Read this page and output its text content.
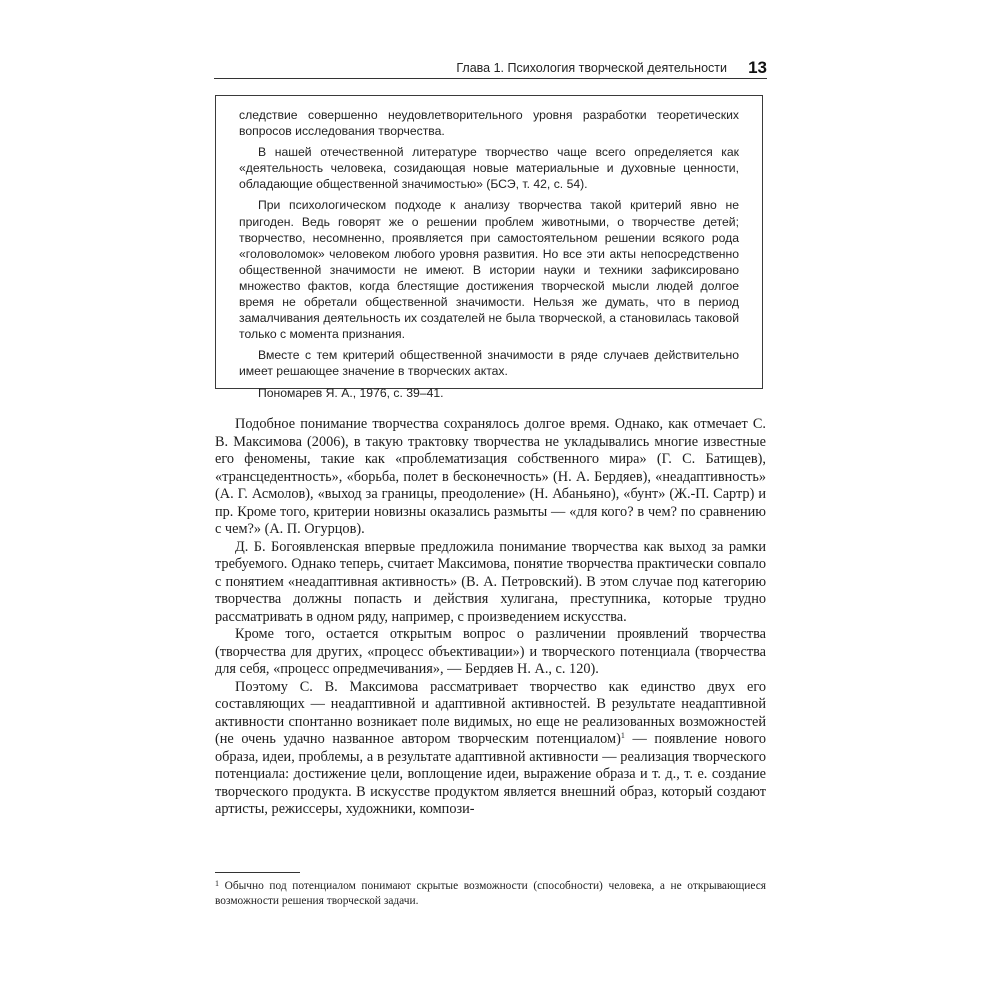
Глава 1. Психология творческой деятельности 13

следствие совершенно неудовлетворительного уровня разработки теоретических вопросов исследования творчества.

В нашей отечественной литературе творчество чаще всего определяется как «деятельность человека, созидающая новые материальные и духовные ценности, обладающие общественной значимостью» (БСЭ, т. 42, с. 54).

При психологическом подходе к анализу творчества такой критерий явно не пригоден. Ведь говорят же о решении проблем животными, о творчестве детей; творчество, несомненно, проявляется при самостоятельном решении всякого рода «головоломок» человеком любого уровня развития. Но все эти акты непосредственно общественной значимости не имеют. В истории науки и техники зафиксировано множество фактов, когда блестящие достижения творческой мысли людей долгое время не обретали общественной значимости. Нельзя же думать, что в период замалчивания деятельность их создателей не была творческой, а становилась таковой только с момента признания.

Вместе с тем критерий общественной значимости в ряде случаев действительно имеет решающее значение в творческих актах.

Пономарев Я. А., 1976, с. 39–41.

Подобное понимание творчества сохранялось долгое время. Однако, как отмечает С. В. Максимова (2006), в такую трактовку творчества не укладывались многие известные его феномены, такие как «проблематизация собственного мира» (Г. С. Батищев), «трансцедентность», «борьба, полет в бесконечность» (Н. А. Бердяев), «неадаптивность» (А. Г. Асмолов), «выход за границы, преодоление» (Н. Абаньяно), «бунт» (Ж.-П. Сартр) и пр. Кроме того, критерии новизны оказались размыты — «для кого? в чем? по сравнению с чем?» (А. П. Огурцов).

Д. Б. Богоявленская впервые предложила понимание творчества как выход за рамки требуемого. Однако теперь, считает Максимова, понятие творчества практически совпало с понятием «неадаптивная активность» (В. А. Петровский). В этом случае под категорию творчества должны попасть и действия хулигана, преступника, которые трудно рассматривать в одном ряду, например, с произведением искусства.

Кроме того, остается открытым вопрос о различении проявлений творчества (творчества для других, «процесс объективации») и творческого потенциала (творчества для себя, «процесс опредмечивания», — Бердяев Н. А., с. 120).

Поэтому С. В. Максимова рассматривает творчество как единство двух его составляющих — неадаптивной и адаптивной активностей. В результате неадаптивной активности спонтанно возникает поле видимых, но еще не реализованных возможностей (не очень удачно названное автором творческим потенциалом)$^1$ — появление нового образа, идеи, проблемы, а в результате адаптивной активности — реализация творческого потенциала: достижение цели, воплощение идеи, выражение образа и т. д., т. е. создание творческого продукта. В искусстве продуктом является внешний образ, который создают артисты, режиссеры, художники, компози-

$^1$ Обычно под потенциалом понимают скрытые возможности (способности) человека, а не открывающиеся возможности решения творческой задачи.
